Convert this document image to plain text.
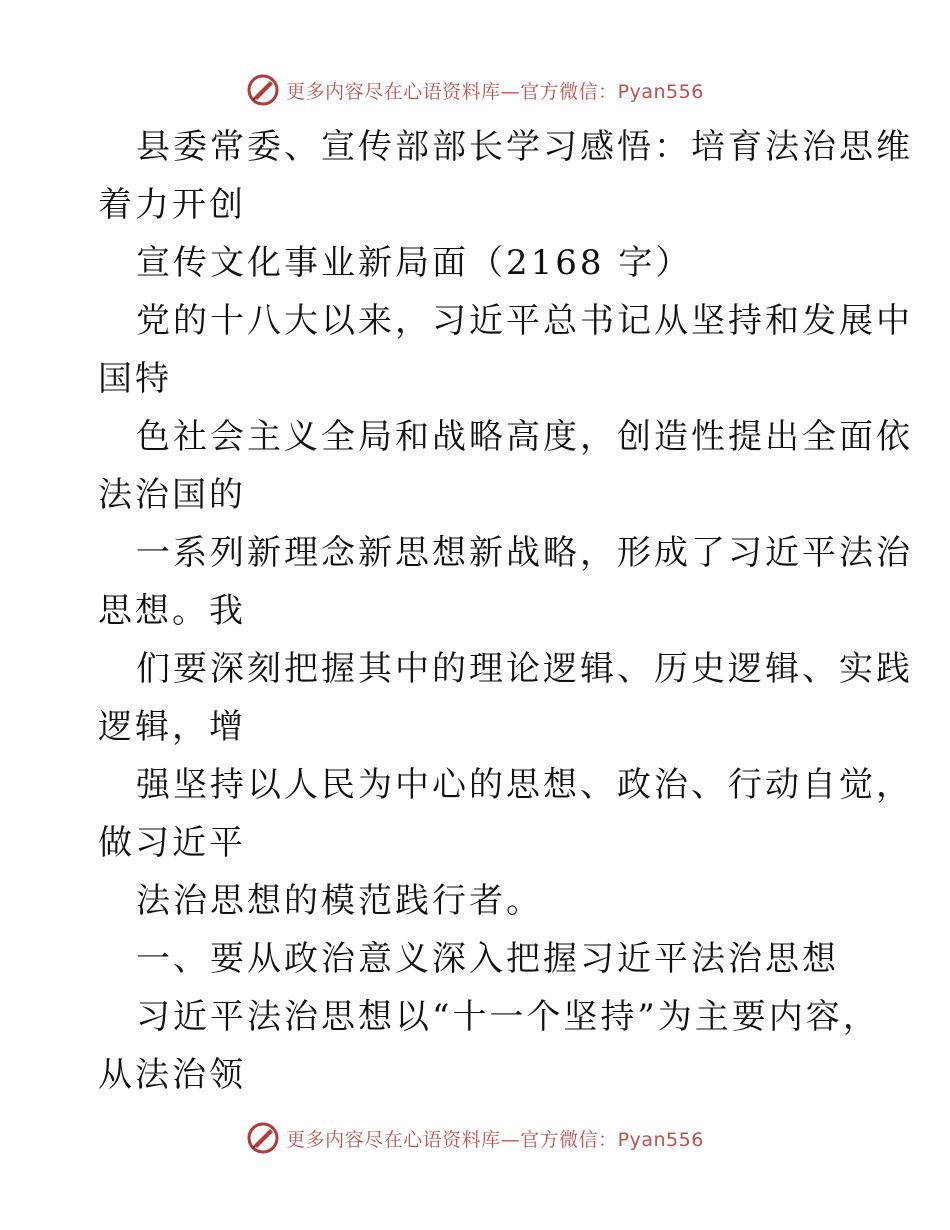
更多内容尽在心语资料库—官方微信：Pyan556
县委常委、宣传部部长学习感悟：培育法治思维
着力开创
宣传文化事业新局面（2168 字）
党的十八大以来，习近平总书记从坚持和发展中
国特
色社会主义全局和战略高度，创造性提出全面依
法治国的
一系列新理念新思想新战略，形成了习近平法治
思想。我
们要深刻把握其中的理论逻辑、历史逻辑、实践
逻辑，增
强坚持以人民为中心的思想、政治、行动自觉，
做习近平
法治思想的模范践行者。
一、要从政治意义深入把握习近平法治思想
习近平法治思想以“十一个坚持”为主要内容，
从法治领
更多内容尽在心语资料库—官方微信：Pyan556
